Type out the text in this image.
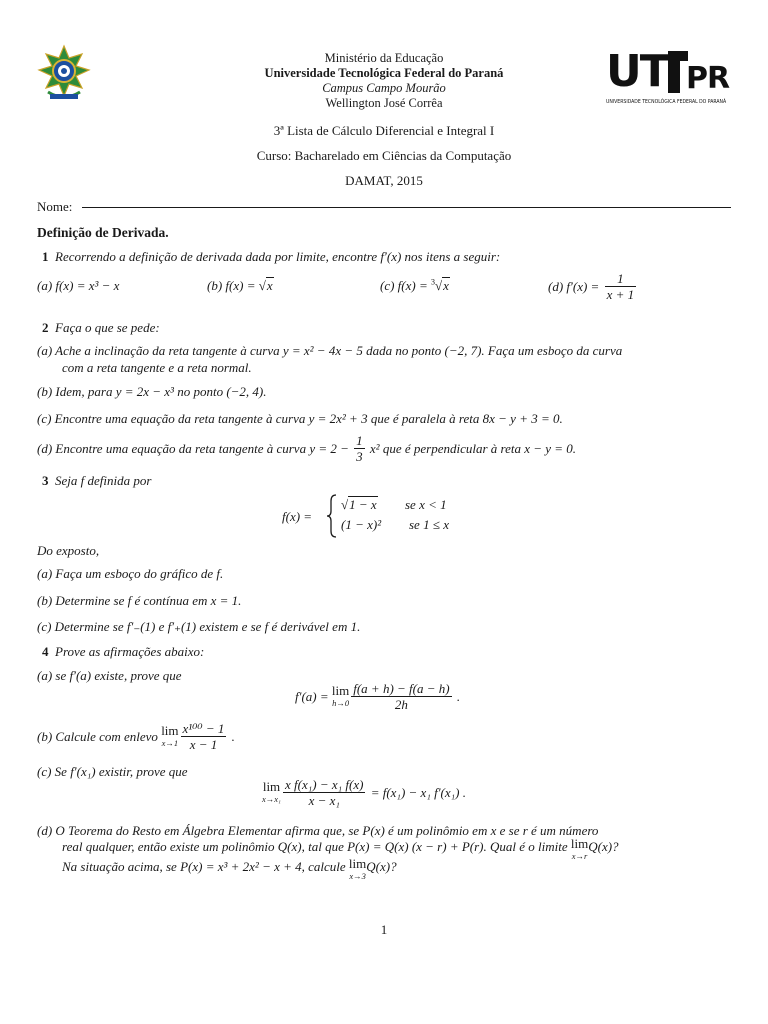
Ministério da Educação
Universidade Tecnológica Federal do Paraná
Campus Campo Mourão
Wellington José Corrêa
UT PR
UNIVERSIDADE TECNOLÓGICA FEDERAL DO PARANÁ
3ª Lista de Cálculo Diferencial e Integral I
Curso: Bacharelado em Ciências da Computação
DAMAT, 2015
Nome:
Definição de Derivada.
1 Recorrendo a definição de derivada dada por limite, encontre f′(x) nos itens a seguir:
(a) f(x) = x³ − x	(b) f(x) = √x	(c) f(x) = $^3$√x	(d) $f'(x) = \frac{1}{x + 1}$
2 Faça o que se pede:
(a) Ache a inclinação da reta tangente à curva y = x² − 4x − 5 dada no ponto (−2, 7). Faça um esboço da curva
com a reta tangente e a reta normal.
(b) Idem, para y = 2x − x³ no ponto (−2, 4).
(c) Encontre uma equação da reta tangente à curva y = 2x² + 3 que é paralela à reta 8x − y + 3 = 0.
(d) Encontre uma equação da reta tangente à curva $y = 2 - \frac{1}{3} x^2$ que é perpendicular à reta x − y = 0.
3 Seja f definida por
f(x) =
√1 − x se x < 1
(1 − x)² se 1 ≤ x
Do exposto,
(a) Faça um esboço do gráfico de f.
(b) Determine se f é contínua em x = 1.
(c) Determine se f′₋(1) e f′₊(1) existem e se f é derivável em 1.
4 Prove as afirmações abaixo:
(a) se f′(a) existe, prove que
f′(a) = lim
$h\to 0 \frac{f(a + h) - f(a - h)}{2h}$ .
(b) Calcule com enlevo lim
$x\to 1 \frac{\text{x¹⁰⁰ − 1}}{x - 1}$ .
(c) Se f′(x₁) existir, prove que
lim
$x\to x_1 \frac{\text{x f(x₁) − x₁ f(x)}}{\text{x − x₁}} = f(x_1) - x_1$ f′(x₁) .
(d) O Teorema do Resto em Álgebra Elementar afirma que, se P(x) é um polinômio em x e se r é um número
real qualquer, então existe um polinômio Q(x), tal que P(x) = Q(x) (x − r) + P(r). Qual é o limite lim
x→r
Q(x)?
Na situação acima, se P(x) = x³ + 2x² − x + 4, calcule lim
x→3
Q(x)?
1
